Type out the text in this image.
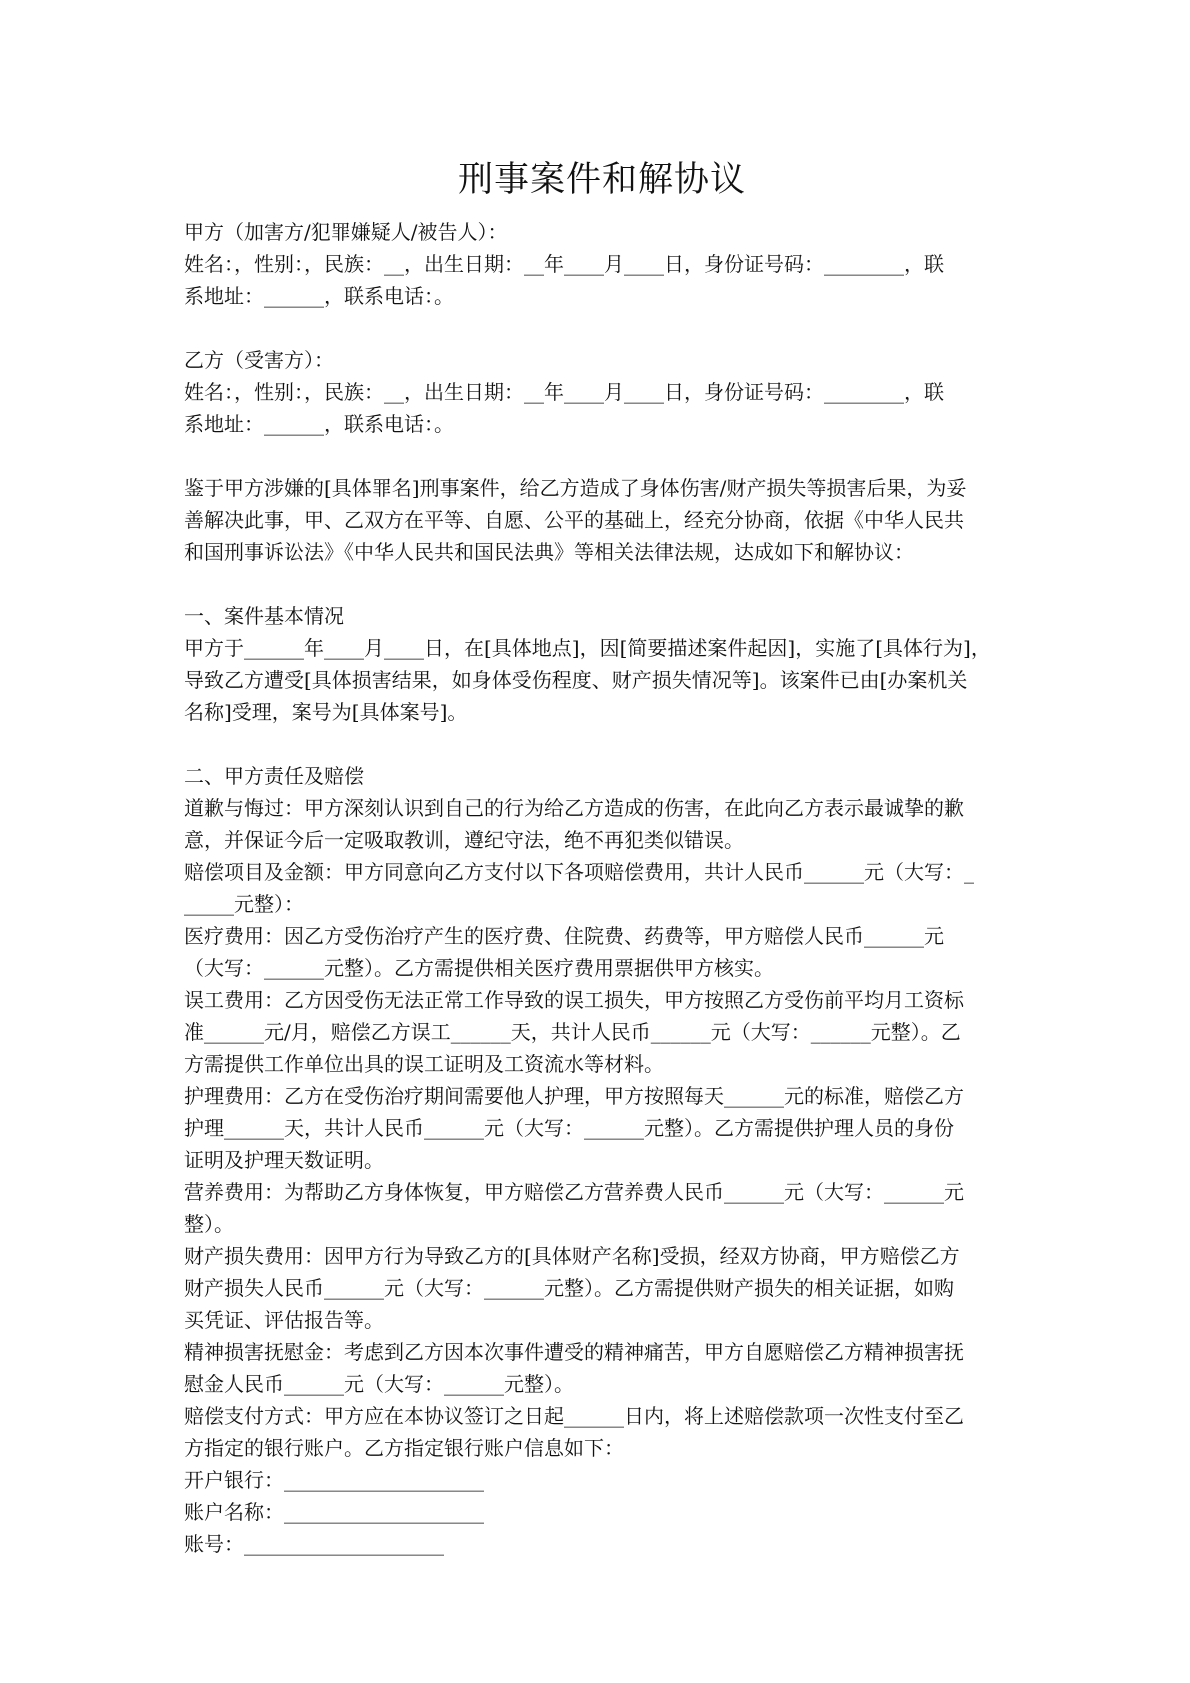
刑事案件和解协议

甲方（加害方/犯罪嫌疑人/被告人）：

姓名：，性别：，民族：__，出生日期：__年____月____日，身份证号码：________，联

系地址：______，联系电话：。

乙方（受害方）：

姓名：，性别：，民族：__，出生日期：__年____月____日，身份证号码：________，联

系地址：______，联系电话：。

鉴于甲方涉嫌的[具体罪名]刑事案件，给乙方造成了身体伤害/财产损失等损害后果，为妥

善解决此事，甲、乙双方在平等、自愿、公平的基础上，经充分协商，依据《中华人民共

和国刑事诉讼法》《中华人民共和国民法典》等相关法律法规，达成如下和解协议：

一、案件基本情况

甲方于______年____月____日，在[具体地点]，因[简要描述案件起因]，实施了[具体行为]，

导致乙方遭受[具体损害结果，如身体受伤程度、财产损失情况等]。该案件已由[办案机关

名称]受理，案号为[具体案号]。

二、甲方责任及赔偿

道歉与悔过：甲方深刻认识到自己的行为给乙方造成的伤害，在此向乙方表示最诚挚的歉

意，并保证今后一定吸取教训，遵纪守法，绝不再犯类似错误。

赔偿项目及金额：甲方同意向乙方支付以下各项赔偿费用，共计人民币______元（大写：_

_____元整）：

医疗费用：因乙方受伤治疗产生的医疗费、住院费、药费等，甲方赔偿人民币______元

（大写：______元整）。乙方需提供相关医疗费用票据供甲方核实。

误工费用：乙方因受伤无法正常工作导致的误工损失，甲方按照乙方受伤前平均月工资标

准______元/月，赔偿乙方误工______天，共计人民币______元（大写：______元整）。乙

方需提供工作单位出具的误工证明及工资流水等材料。

护理费用：乙方在受伤治疗期间需要他人护理，甲方按照每天______元的标准，赔偿乙方

护理______天，共计人民币______元（大写：______元整）。乙方需提供护理人员的身份

证明及护理天数证明。

营养费用：为帮助乙方身体恢复，甲方赔偿乙方营养费人民币______元（大写：______元

整）。

财产损失费用：因甲方行为导致乙方的[具体财产名称]受损，经双方协商，甲方赔偿乙方

财产损失人民币______元（大写：______元整）。乙方需提供财产损失的相关证据，如购

买凭证、评估报告等。

精神损害抚慰金：考虑到乙方因本次事件遭受的精神痛苦，甲方自愿赔偿乙方精神损害抚

慰金人民币______元（大写：______元整）。

赔偿支付方式：甲方应在本协议签订之日起______日内，将上述赔偿款项一次性支付至乙

方指定的银行账户。乙方指定银行账户信息如下：

开户银行：____________________

账户名称：____________________

账号：____________________
